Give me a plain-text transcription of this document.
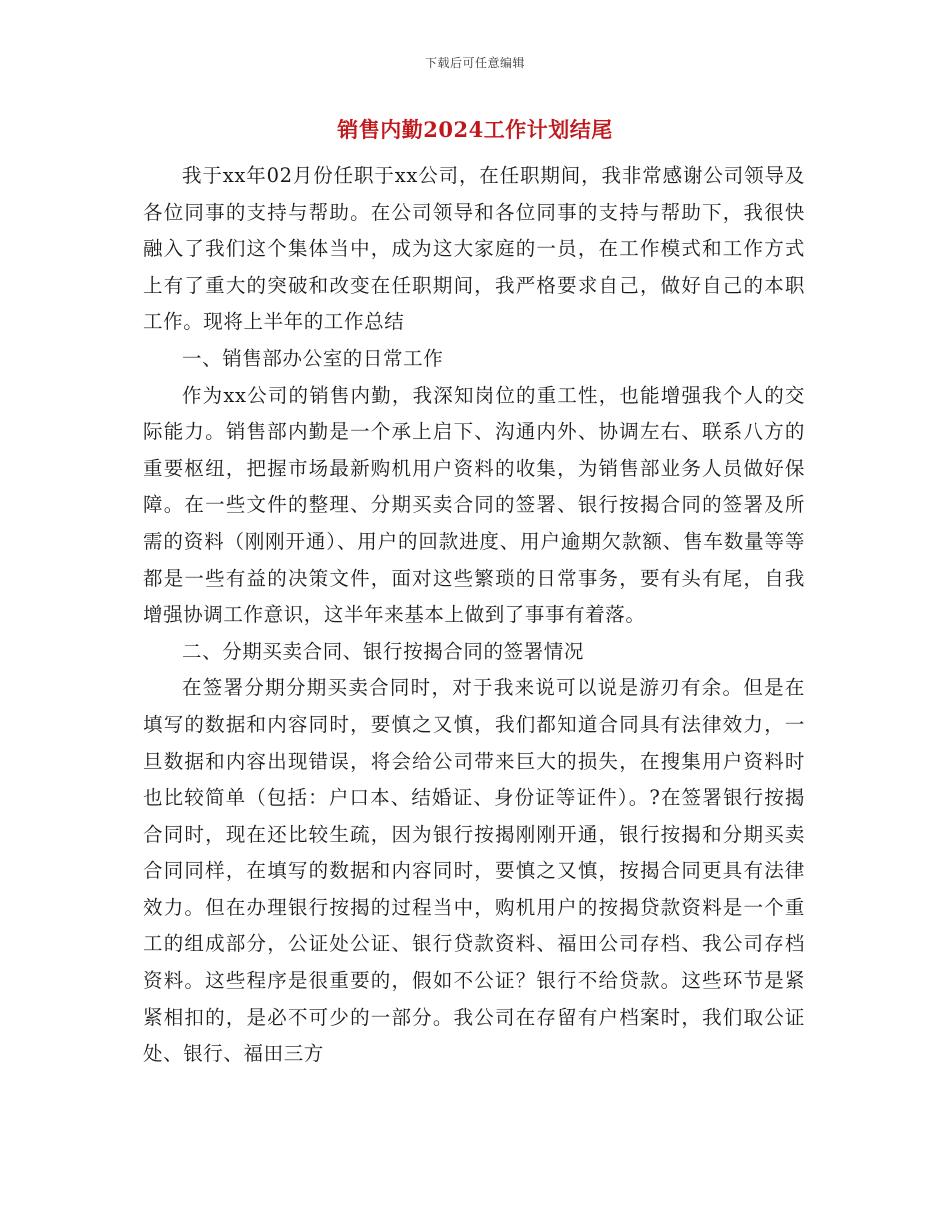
下载后可任意编辑
销售内勤2024工作计划结尾

我于xx年02月份任职于xx公司，在任职期间，我非常感谢公司领导及各位同事的支持与帮助。在公司领导和各位同事的支持与帮助下，我很快融入了我们这个集体当中，成为这大家庭的一员，在工作模式和工作方式上有了重大的突破和改变在任职期间，我严格要求自己，做好自己的本职工作。现将上半年的工作总结

一、销售部办公室的日常工作

作为xx公司的销售内勤，我深知岗位的重工性，也能增强我个人的交际能力。销售部内勤是一个承上启下、沟通内外、协调左右、联系八方的重要枢纽，把握市场最新购机用户资料的收集，为销售部业务人员做好保障。在一些文件的整理、分期买卖合同的签署、银行按揭合同的签署及所需的资料（刚刚开通）、用户的回款进度、用户逾期欠款额、售车数量等等都是一些有益的决策文件，面对这些繁琐的日常事务，要有头有尾，自我增强协调工作意识，这半年来基本上做到了事事有着落。

二、分期买卖合同、银行按揭合同的签署情况

在签署分期分期买卖合同时，对于我来说可以说是游刃有余。但是在填写的数据和内容同时，要慎之又慎，我们都知道合同具有法律效力，一旦数据和内容出现错误，将会给公司带来巨大的损失，在搜集用户资料时也比较简单（包括：户口本、结婚证、身份证等证件）。?在签署银行按揭合同时，现在还比较生疏，因为银行按揭刚刚开通，银行按揭和分期买卖合同同样，在填写的数据和内容同时，要慎之又慎，按揭合同更具有法律效力。但在办理银行按揭的过程当中，购机用户的按揭贷款资料是一个重工的组成部分，公证处公证、银行贷款资料、福田公司存档、我公司存档资料。这些程序是很重要的，假如不公证？银行不给贷款。这些环节是紧紧相扣的，是必不可少的一部分。我公司在存留有户档案时，我们取公证处、银行、福田三方
